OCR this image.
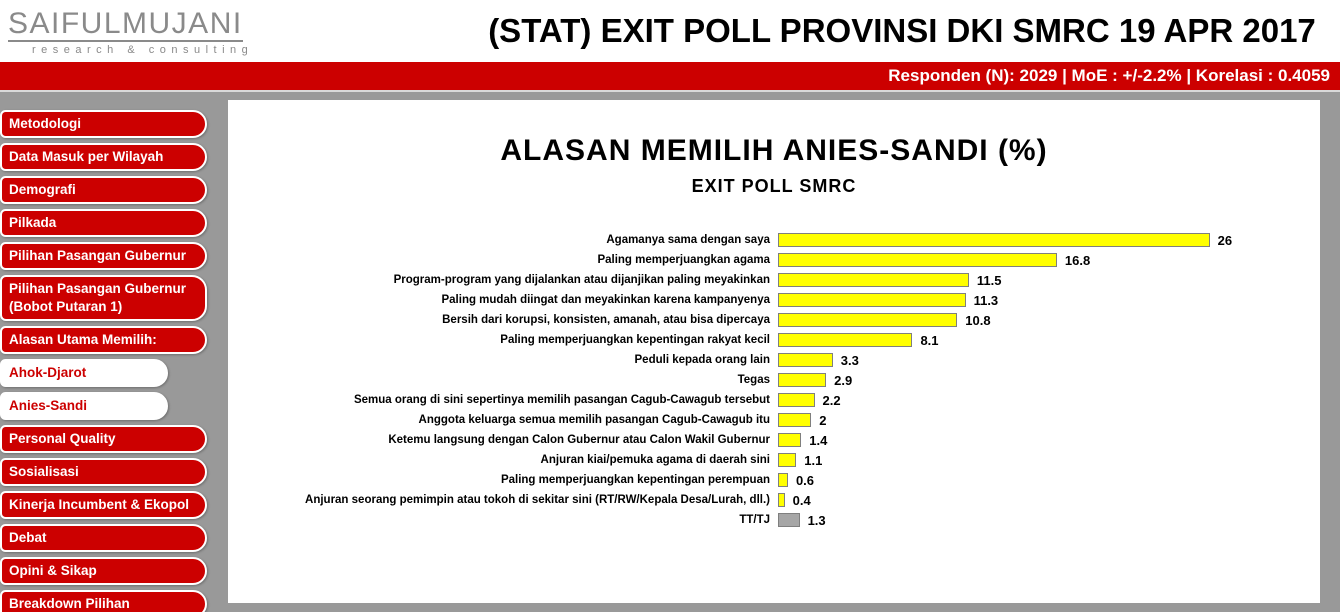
SAIFULMUJANI
research & consulting
(STAT) EXIT POLL PROVINSI DKI SMRC 19 APR 2017
Responden (N): 2029 | MoE : +/-2.2% | Korelasi : 0.4059
Metodologi
Data Masuk per Wilayah
Demografi
Pilkada
Pilihan Pasangan Gubernur
Pilihan Pasangan Gubernur (Bobot Putaran 1)
Alasan Utama Memilih:
Ahok-Djarot
Anies-Sandi
Personal Quality
Sosialisasi
Kinerja Incumbent & Ekopol
Debat
Opini & Sikap
Breakdown Pilihan
ALASAN MEMILIH ANIES-SANDI (%)
EXIT POLL SMRC
Agamanya sama dengan saya	26
Paling memperjuangkan agama	16.8
Program-program yang dijalankan atau dijanjikan paling meyakinkan	11.5
Paling mudah diingat dan meyakinkan karena kampanyenya	11.3
Bersih dari korupsi, konsisten, amanah, atau bisa dipercaya	10.8
Paling memperjuangkan kepentingan rakyat kecil	8.1
Peduli kepada orang lain	3.3
Tegas	2.9
Semua orang di sini sepertinya memilih pasangan Cagub-Cawagub tersebut	2.2
Anggota keluarga semua memilih pasangan Cagub-Cawagub itu	2
Ketemu langsung dengan Calon Gubernur atau Calon Wakil Gubernur	1.4
Anjuran kiai/pemuka agama di daerah sini	1.1
Paling memperjuangkan kepentingan perempuan	0.6
Anjuran seorang pemimpin atau tokoh di sekitar sini (RT/RW/Kepala Desa/Lurah, dll.)	0.4
TT/TJ	1.3
